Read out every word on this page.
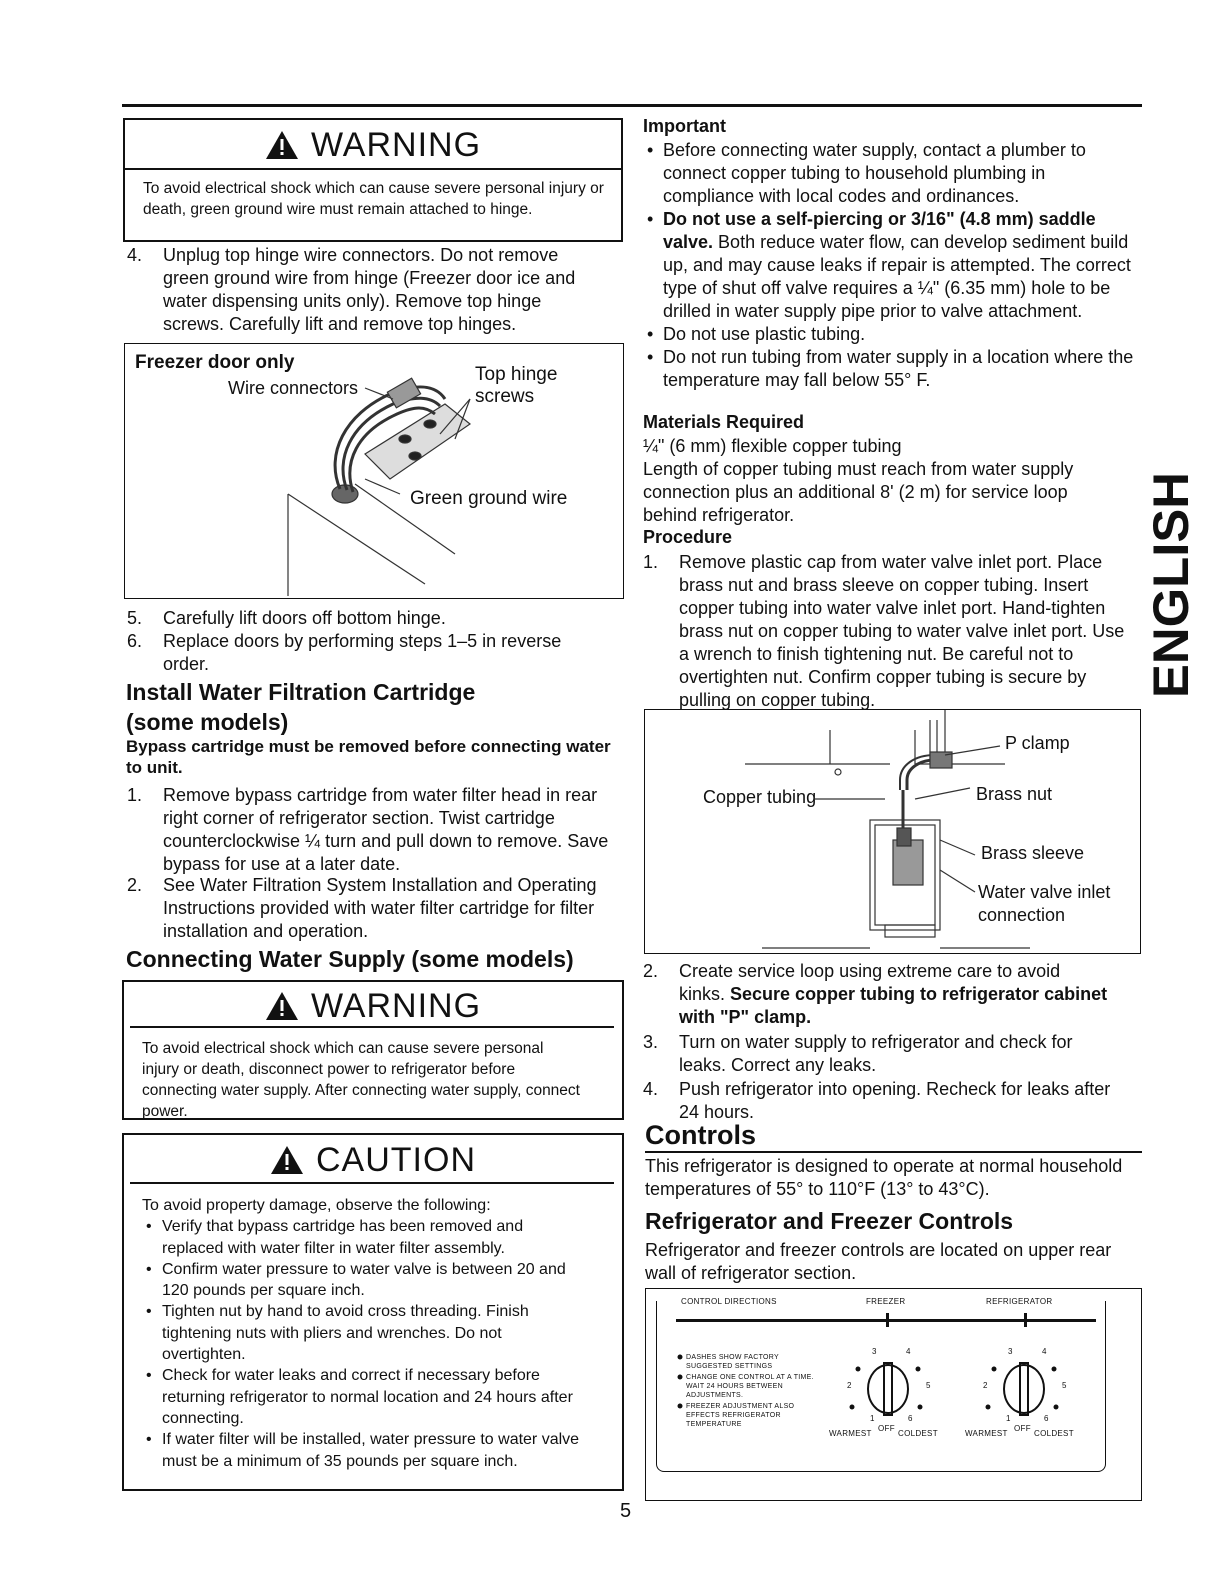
WARNING
To avoid electrical shock which can cause severe personal injury or death, green ground wire must remain attached to hinge.
4. Unplug top hinge wire connectors. Do not remove green ground wire from hinge (Freezer door ice and water dispensing units only). Remove top hinge screws. Carefully lift and remove top hinges.
Freezer door only
Wire connectors
Top hinge
screws
Green ground wire
5. Carefully lift doors off bottom hinge.
6. Replace doors by performing steps 1–5 in reverse order.
Install Water Filtration Cartridge
(some models)
Bypass cartridge must be removed before connecting water to unit.
1. Remove bypass cartridge from water filter head in rear right corner of refrigerator section. Twist cartridge counterclockwise ¼ turn and pull down to remove. Save bypass for use at a later date.
2. See Water Filtration System Installation and Operating Instructions provided with water filter cartridge for filter installation and operation.
Connecting Water Supply (some models)
WARNING
To avoid electrical shock which can cause severe personal injury or death, disconnect power to refrigerator before connecting water supply. After connecting water supply, connect power.
CAUTION
To avoid property damage, observe the following:
• Verify that bypass cartridge has been removed and replaced with water filter in water filter assembly.
• Confirm water pressure to water valve is between 20 and 120 pounds per square inch.
• Tighten nut by hand to avoid cross threading. Finish tightening nuts with pliers and wrenches. Do not overtighten.
• Check for water leaks and correct if necessary before returning refrigerator to normal location and 24 hours after connecting.
• If water filter will be installed, water pressure to water valve must be a minimum of 35 pounds per square inch.
Important
• Before connecting water supply, contact a plumber to connect copper tubing to household plumbing in compliance with local codes and ordinances.
• Do not use a self-piercing or 3/16" (4.8 mm) saddle valve. Both reduce water flow, can develop sediment build up, and may cause leaks if repair is attempted. The correct type of shut off valve requires a ¼" (6.35 mm) hole to be drilled in water supply pipe prior to valve attachment.
• Do not use plastic tubing.
• Do not run tubing from water supply in a location where the temperature may fall below 55° F.
Materials Required
¼" (6 mm) flexible copper tubing
Length of copper tubing must reach from water supply connection plus an additional 8' (2 m) for service loop behind refrigerator.
Procedure
1. Remove plastic cap from water valve inlet port. Place brass nut and brass sleeve on copper tubing. Insert copper tubing into water valve inlet port. Hand-tighten brass nut on copper tubing to water valve inlet port. Use a wrench to finish tightening nut. Be careful not to overtighten nut. Confirm copper tubing is secure by pulling on copper tubing.
P clamp
Copper tubing	Brass nut
Brass sleeve
Water valve inlet
connection
2. Create service loop using extreme care to avoid kinks. Secure copper tubing to refrigerator cabinet with "P" clamp.
3. Turn on water supply to refrigerator and check for leaks. Correct any leaks.
4. Push refrigerator into opening. Recheck for leaks after 24 hours.
Controls
This refrigerator is designed to operate at normal household temperatures of 55° to 110°F (13° to 43°C).
Refrigerator and Freezer Controls
Refrigerator and freezer controls are located on upper rear wall of refrigerator section.
CONTROL DIRECTIONS	FREEZER	REFRIGERATOR
DASHES SHOW FACTORY SUGGESTED SETTINGS
CHANGE ONE CONTROL AT A TIME. WAIT 24 HOURS BETWEEN ADJUSTMENTS.
FREEZER ADJUSTMENT ALSO EFFECTS REFRIGERATOR TEMPERATURE
3	4
2	5
1	6
WARMEST
OFF
COLDEST
3	4
2	5
1	6
WARMEST
OFF
COLDEST
ENGLISH
5
